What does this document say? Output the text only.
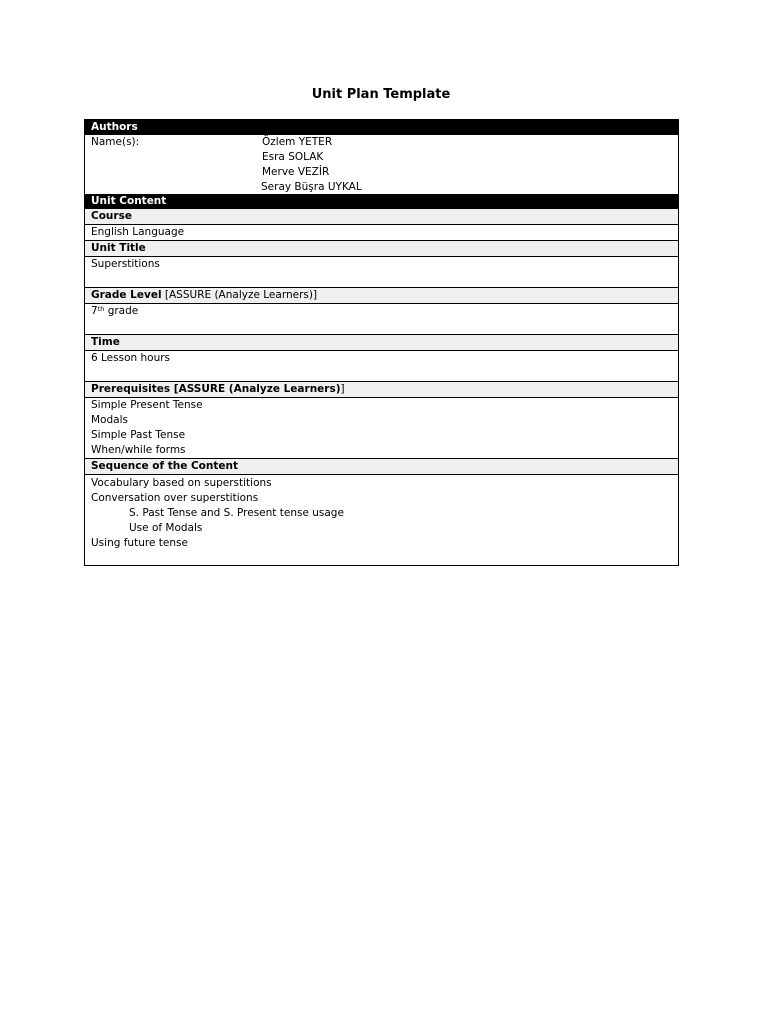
Unit Plan Template
Authors
Name(s):	Özlem YETER
Esra SOLAK
Merve VEZİR
Seray Büşra UYKAL
Unit Content
Course
English Language
Unit Title
Superstitions
Grade Level [ASSURE (Analyze Learners)]
7th grade
Time
6 Lesson hours
Prerequisites [ASSURE (Analyze Learners)]
Simple Present Tense
Modals
Simple Past Tense
When/while forms
Sequence of the Content
Vocabulary based on superstitions
Conversation over superstitions
S. Past Tense and S. Present tense usage
Use of Modals
Using future tense
